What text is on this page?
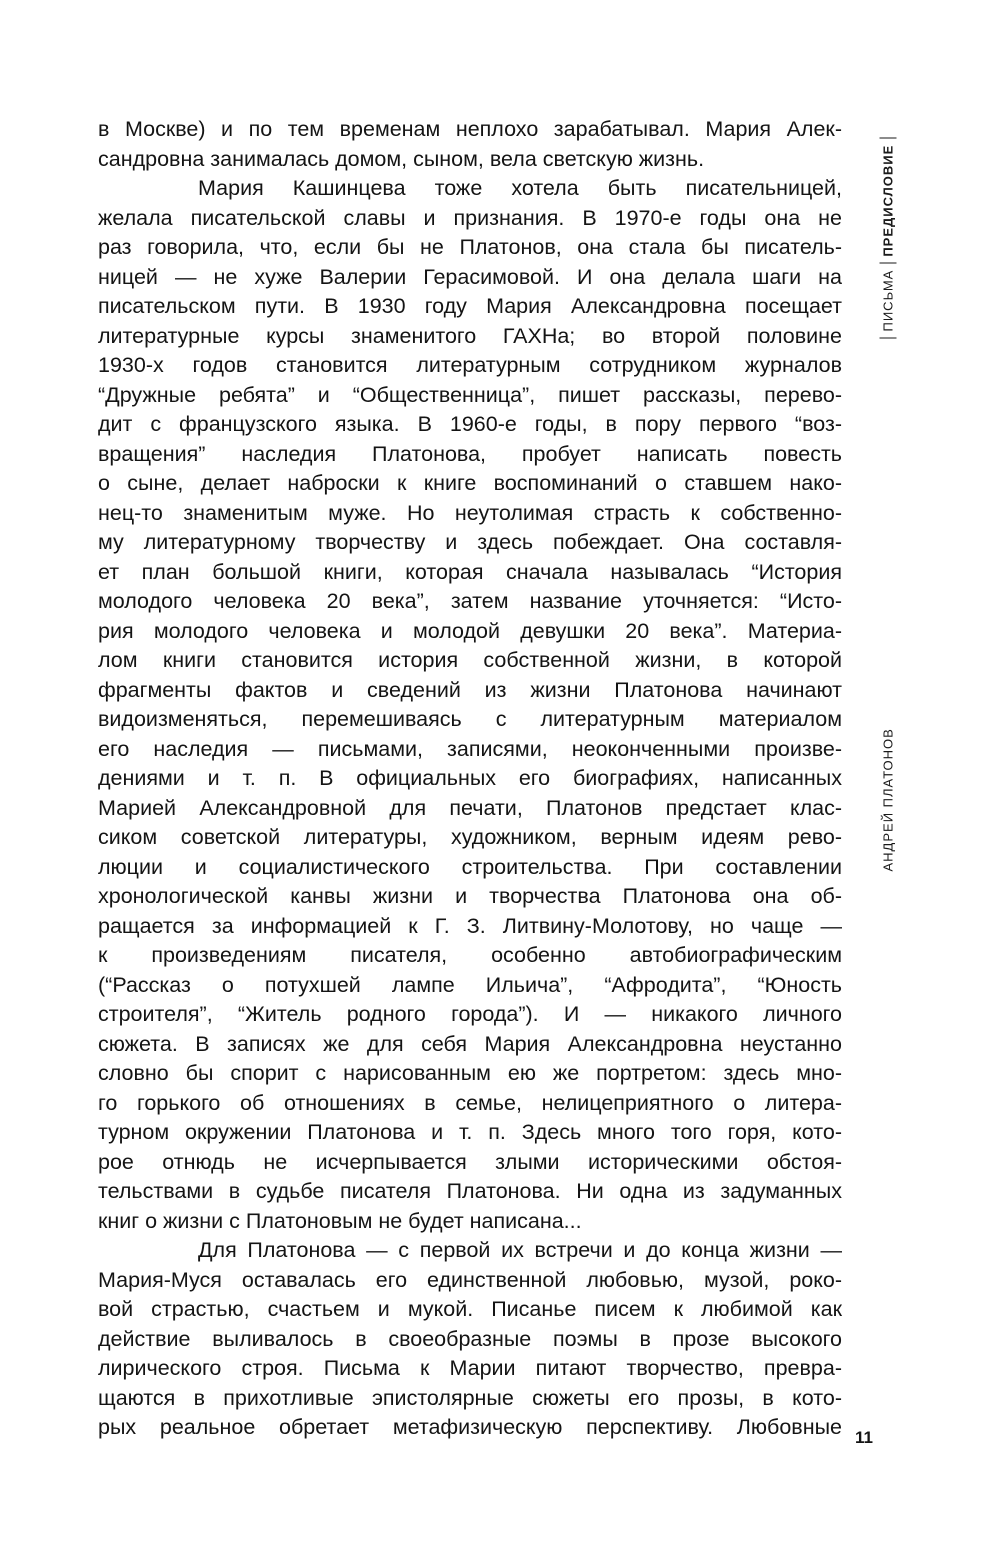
в Москве) и по тем временам неплохо зарабатывал. Мария Алек-
сандровна занималась домом, сыном, вела светскую жизнь.
Мария Кашинцева тоже хотела быть писательницей,
желала писательской славы и признания. В 1970-е годы она не
раз говорила, что, если бы не Платонов, она стала бы писатель-
ницей — не хуже Валерии Герасимовой. И она делала шаги на
писательском пути. В 1930 году Мария Александровна посещает
литературные курсы знаменитого ГАХНа; во второй половине
1930-х годов становится литературным сотрудником журналов
“Дружные ребята” и “Общественница”, пишет рассказы, перево-
дит с французского языка. В 1960-е годы, в пору первого “воз-
вращения” наследия Платонова, пробует написать повесть
о сыне, делает наброски к книге воспоминаний о ставшем нако-
нец-то знаменитым муже. Но неутолимая страсть к собственно-
му литературному творчеству и здесь побеждает. Она составля-
ет план большой книги, которая сначала называлась “История
молодого человека 20 века”, затем название уточняется: “Исто-
рия молодого человека и молодой девушки 20 века”. Материа-
лом книги становится история собственной жизни, в которой
фрагменты фактов и сведений из жизни Платонова начинают
видоизменяться, перемешиваясь с литературным материалом
его наследия — письмами, записями, неоконченными произве-
дениями и т. п. В официальных его биографиях, написанных
Марией Александровной для печати, Платонов предстает клас-
сиком советской литературы, художником, верным идеям рево-
люции и социалистического строительства. При составлении
хронологической канвы жизни и творчества Платонова она об-
ращается за информацией к Г. З. Литвину-Молотову, но чаще —
к произведениям писателя, особенно автобиографическим
(“Рассказ о потухшей лампе Ильича”, “Афродита”, “Юность
строителя”, “Житель родного города”). И — никакого личного
сюжета. В записях же для себя Мария Александровна неустанно
словно бы спорит с нарисованным ею же портретом: здесь мно-
го горького об отношениях в семье, нелицеприятного о литера-
турном окружении Платонова и т. п. Здесь много того горя, кото-
рое отнюдь не исчерпывается злыми историческими обстоя-
тельствами в судьбе писателя Платонова. Ни одна из задуманных
книг о жизни с Платоновым не будет написана...
Для Платонова — с первой их встречи и до конца жизни —
Мария-Муся оставалась его единственной любовью, музой, роко-
вой страстью, счастьем и мукой. Писанье писем к любимой как
действие выливалось в своеобразные поэмы в прозе высокого
лирического строя. Письма к Марии питают творчество, превра-
щаются в прихотливые эпистолярные сюжеты его прозы, в кото-
рых реальное обретает метафизическую перспективу. Любовные
ПИСЬМА
ПРЕДИСЛОВИЕ
АНДРЕЙ ПЛАТОНОВ
11
